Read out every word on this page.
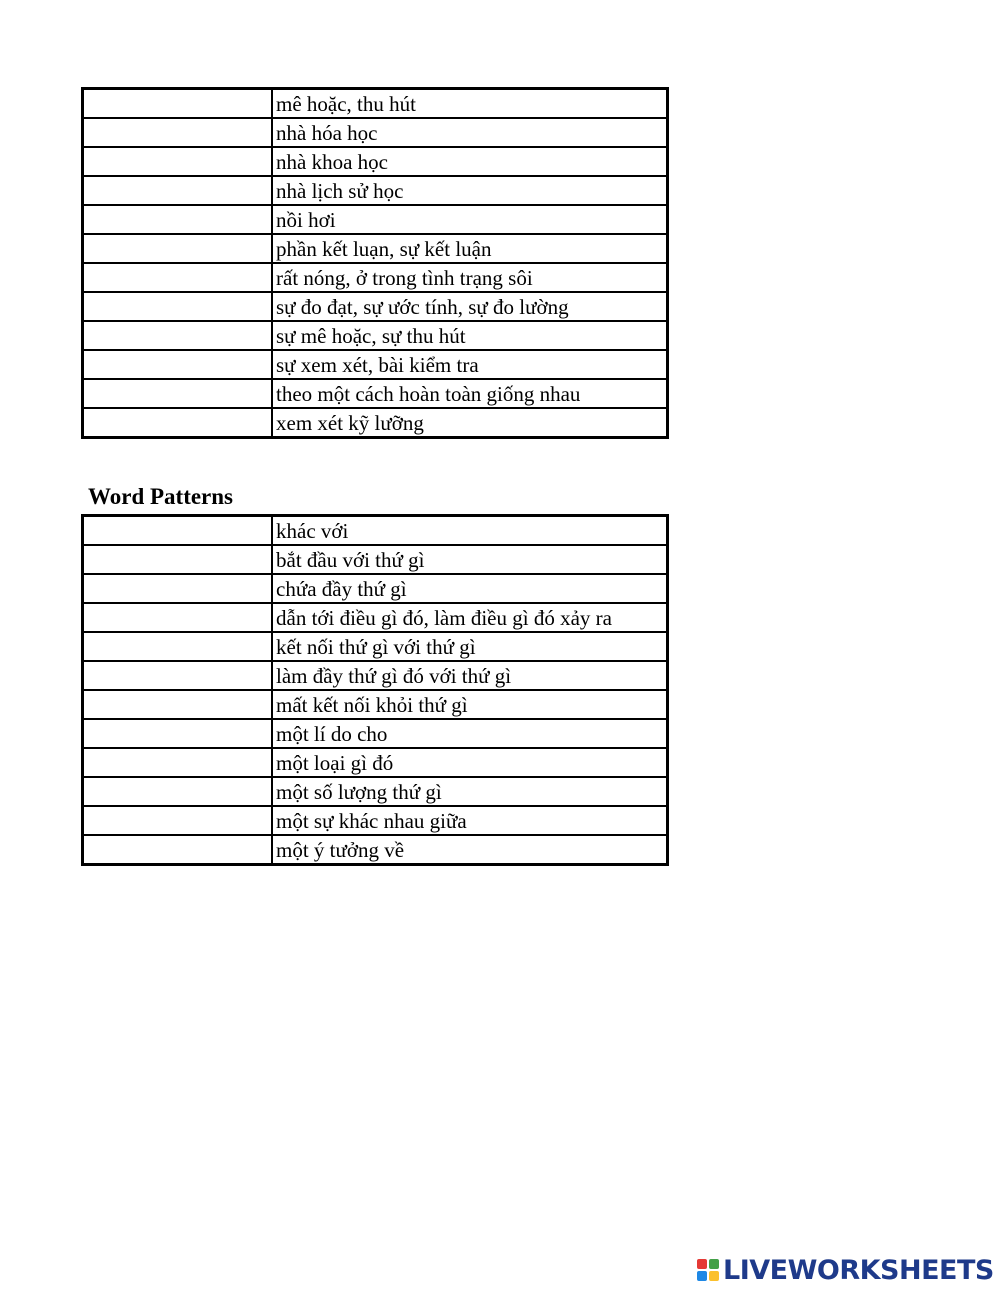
	mê hoặc, thu hút
	nhà hóa học
	nhà khoa học
	nhà lịch sử học
	nồi hơi
	phần kết luạn, sự kết luận
	rất nóng, ở trong tình trạng sôi
	sự đo đạt, sự ước tính, sự đo lường
	sự mê hoặc, sự thu hút
	sự xem xét, bài kiểm tra
	theo một cách hoàn toàn giống nhau
	xem xét kỹ lưỡng
Word Patterns
	khác với
	bắt đầu với thứ gì
	chứa đầy thứ gì
	dẫn tới điều gì đó, làm điều gì đó xảy ra
	kết nối thứ gì với thứ gì
	làm đầy thứ gì đó với thứ gì
	mất kết nối khỏi thứ gì
	một lí do cho
	một loại gì đó
	một số lượng thứ gì
	một sự khác nhau giữa
	một ý tưởng về
LIVEWORKSHEETS
